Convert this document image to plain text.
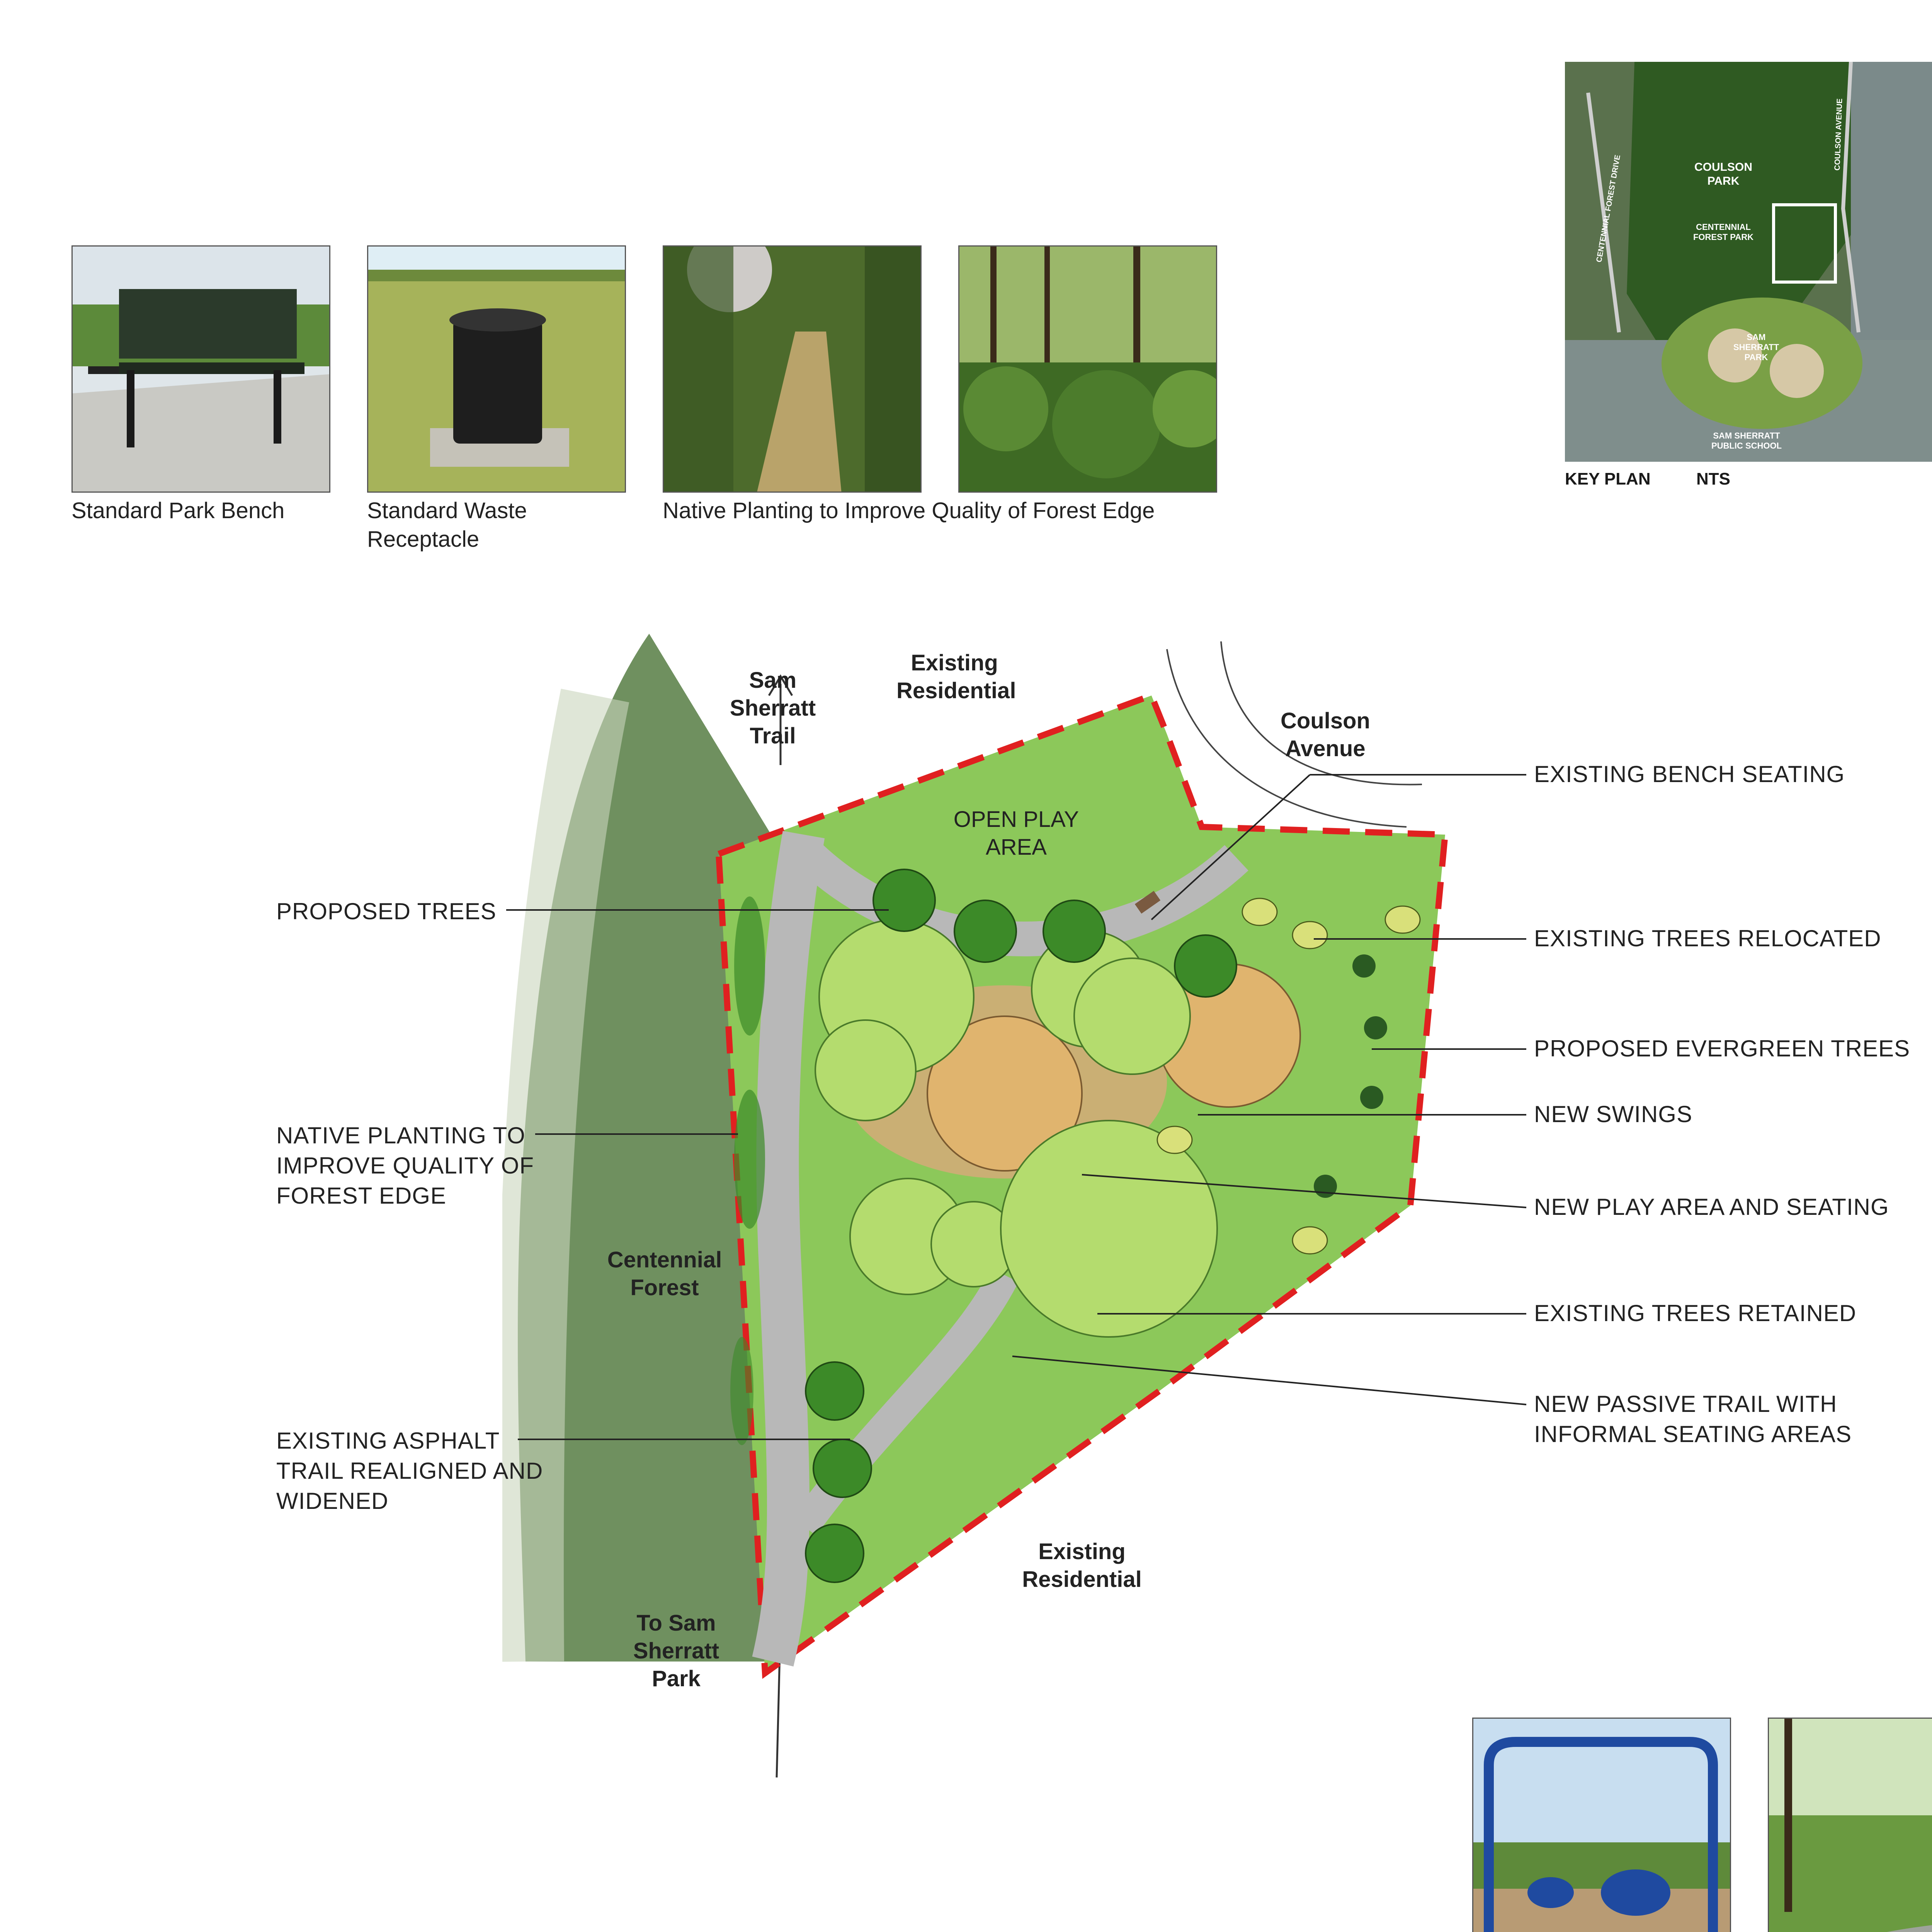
Standard Park Bench	Standard Waste Receptacle
Native Planting to Improve Quality of Forest Edge
COULSON PARK
CENTENNIAL FOREST PARK
SAM SHERRATT PARK
SAM SHERRATT PUBLIC SCHOOL
CENTENNIAL FOREST DRIVE
COULSON AVENUE
KEY PLAN	NTS
Sam Sherratt Trail
Existing Residential
Coulson Avenue
OPEN PLAY AREA
Centennial Forest
Existing Residential
To Sam Sherratt Park
PROPOSED TREES
NATIVE PLANTING TO IMPROVE QUALITY OF FOREST EDGE
EXISTING ASPHALT TRAIL REALIGNED AND WIDENED
EXISTING BENCH SEATING
EXISTING TREES RELOCATED
PROPOSED EVERGREEN TREES
NEW SWINGS
NEW PLAY AREA AND SEATING
EXISTING TREES RETAINED
NEW PASSIVE TRAIL WITH INFORMAL SEATING AREAS
